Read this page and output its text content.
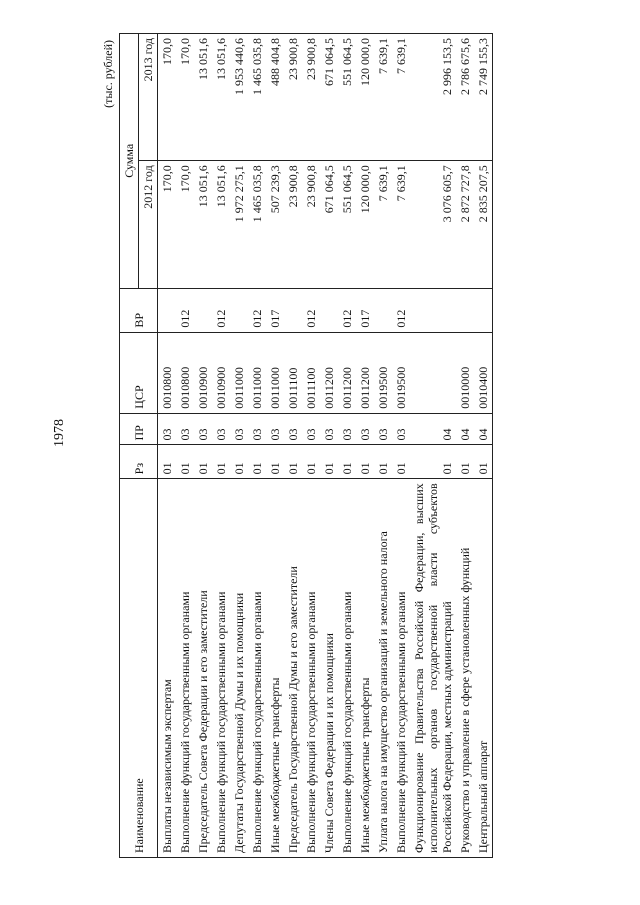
1978
(тыс. рублей)
Наименование	Рз	ПР	ЦСР	ВР	Сумма	
					2012 год	2013 год
Выплаты независимым экспертам	01	03	0010800		170,0	170,0
Выполнение функций государственными органами	01	03	0010800	012	170,0	170,0
Председатель Совета Федерации и его заместители	01	03	0010900		13 051,6	13 051,6
Выполнение функций государственными органами	01	03	0010900	012	13 051,6	13 051,6
Депутаты Государственной Думы и их помощники	01	03	0011000		1 972 275,1	1 953 440,6
Выполнение функций государственными органами	01	03	0011000	012	1 465 035,8	1 465 035,8
Иные межбюджетные трансферты	01	03	0011000	017	507 239,3	488 404,8
Председатель Государственной Думы и его заместители	01	03	0011100		23 900,8	23 900,8
Выполнение функций государственными органами	01	03	0011100	012	23 900,8	23 900,8
Члены Совета Федерации и их помощники	01	03	0011200		671 064,5	671 064,5
Выполнение функций государственными органами	01	03	0011200	012	551 064,5	551 064,5
Иные межбюджетные трансферты	01	03	0011200	017	120 000,0	120 000,0
Уплата налога на имущество организаций и земельного налога	01	03	0019500		7 639,1	7 639,1
Выполнение функций государственными органами	01	03	0019500	012	7 639,1	7 639,1
Функционирование Правительства Российской Федерации, высших исполнительных органов государственной власти субъектов Российской Федерации, местных администраций	01	04			3 076 605,7	2 996 153,5
Руководство и управление в сфере установленных функций	01	04	0010000		2 872 727,8	2 786 675,6
Центральный аппарат	01	04	0010400		2 835 207,5	2 749 155,3
